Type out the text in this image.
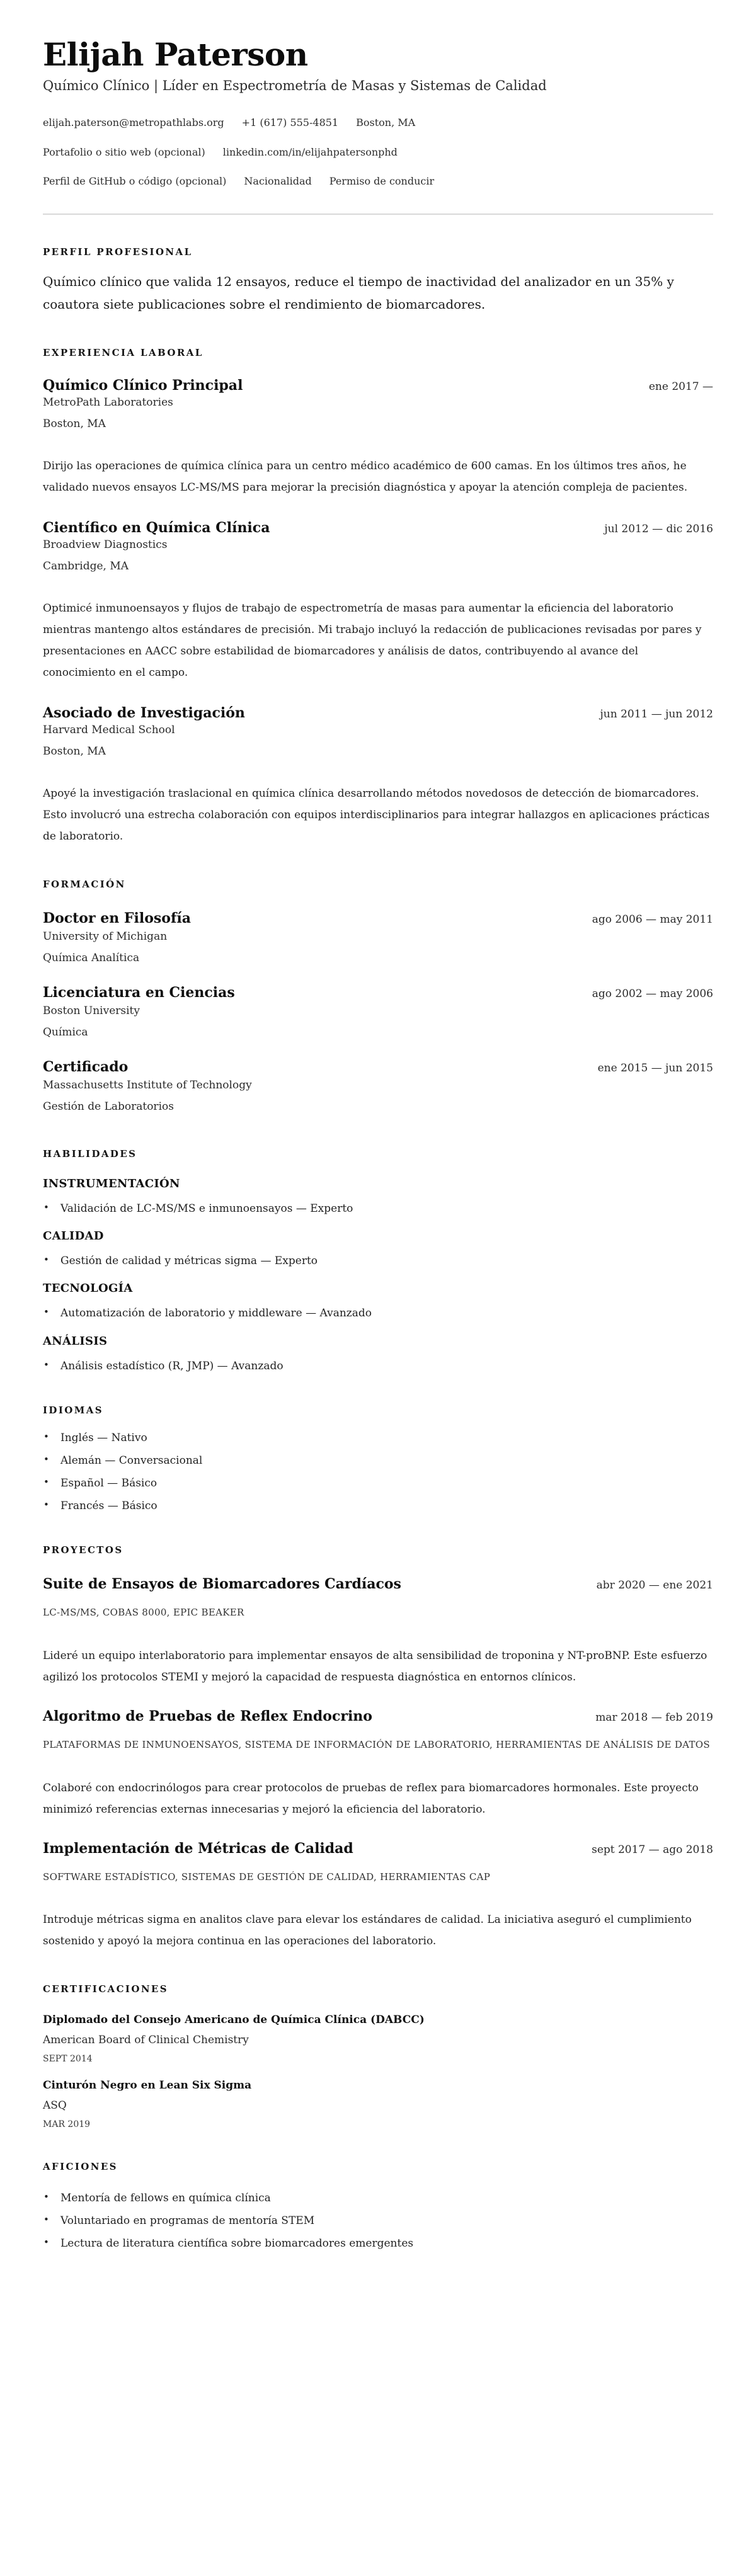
Elijah Paterson
Químico Clínico | Líder en Espectrometría de Masas y Sistemas de Calidad
elijah.paterson@metropathlabs.org +1 (617) 555-4851 Boston, MA
Portafolio o sitio web (opcional) linkedin.com/in/elijahpatersonphd
Perfil de GitHub o código (opcional) Nacionalidad Permiso de conducir
PERFIL PROFESIONAL

Químico clínico que valida 12 ensayos, reduce el tiempo de inactividad del analizador en un 35% y coautora siete publicaciones sobre el rendimiento de biomarcadores.

EXPERIENCIA LABORAL
Químico Clínico Principal	ene 2017 —
MetroPath Laboratories
Boston, MA

Dirijo las operaciones de química clínica para un centro médico académico de 600 camas. En los últimos tres años, he validado nuevos ensayos LC-MS/MS para mejorar la precisión diagnóstica y apoyar la atención compleja de pacientes.

Científico en Química Clínica	jul 2012 — dic 2016
Broadview Diagnostics
Cambridge, MA

Optimicé inmunoensayos y flujos de trabajo de espectrometría de masas para aumentar la eficiencia del laboratorio mientras mantengo altos estándares de precisión. Mi trabajo incluyó la redacción de publicaciones revisadas por pares y presentaciones en AACC sobre estabilidad de biomarcadores y análisis de datos, contribuyendo al avance del conocimiento en el campo.

Asociado de Investigación	jun 2011 — jun 2012
Harvard Medical School
Boston, MA

Apoyé la investigación traslacional en química clínica desarrollando métodos novedosos de detección de biomarcadores. Esto involucró una estrecha colaboración con equipos interdisciplinarios para integrar hallazgos en aplicaciones prácticas de laboratorio.

FORMACIÓN
Doctor en Filosofía	ago 2006 — may 2011
University of Michigan
Química Analítica
Licenciatura en Ciencias	ago 2002 — may 2006
Boston University
Química
Certificado	ene 2015 — jun 2015
Massachusetts Institute of Technology
Gestión de Laboratorios
HABILIDADES
INSTRUMENTACIÓN
• Validación de LC-MS/MS e inmunoensayos — Experto
CALIDAD
• Gestión de calidad y métricas sigma — Experto
TECNOLOGÍA
• Automatización de laboratorio y middleware — Avanzado
ANÁLISIS
• Análisis estadístico (R, JMP) — Avanzado
IDIOMAS
• Inglés — Nativo
• Alemán — Conversacional
• Español — Básico
• Francés — Básico
PROYECTOS
Suite de Ensayos de Biomarcadores Cardíacos	abr 2020 — ene 2021
LC-MS/MS, COBAS 8000, EPIC BEAKER

Lideré un equipo interlaboratorio para implementar ensayos de alta sensibilidad de troponina y NT-proBNP. Este esfuerzo agilizó los protocolos STEMI y mejoró la capacidad de respuesta diagnóstica en entornos clínicos.

Algoritmo de Pruebas de Reflex Endocrino	mar 2018 — feb 2019
PLATAFORMAS DE INMUNOENSAYOS, SISTEMA DE INFORMACIÓN DE LABORATORIO, HERRAMIENTAS DE ANÁLISIS DE DATOS

Colaboré con endocrinólogos para crear protocolos de pruebas de reflex para biomarcadores hormonales. Este proyecto minimizó referencias externas innecesarias y mejoró la eficiencia del laboratorio.

Implementación de Métricas de Calidad	sept 2017 — ago 2018
SOFTWARE ESTADÍSTICO, SISTEMAS DE GESTIÓN DE CALIDAD, HERRAMIENTAS CAP

Introduje métricas sigma en analitos clave para elevar los estándares de calidad. La iniciativa aseguró el cumplimiento sostenido y apoyó la mejora continua en las operaciones del laboratorio.

CERTIFICACIONES
Diplomado del Consejo Americano de Química Clínica (DABCC)
American Board of Clinical Chemistry
SEPT 2014
Cinturón Negro en Lean Six Sigma
ASQ
MAR 2019
AFICIONES
• Mentoría de fellows en química clínica
• Voluntariado en programas de mentoría STEM
• Lectura de literatura científica sobre biomarcadores emergentes
